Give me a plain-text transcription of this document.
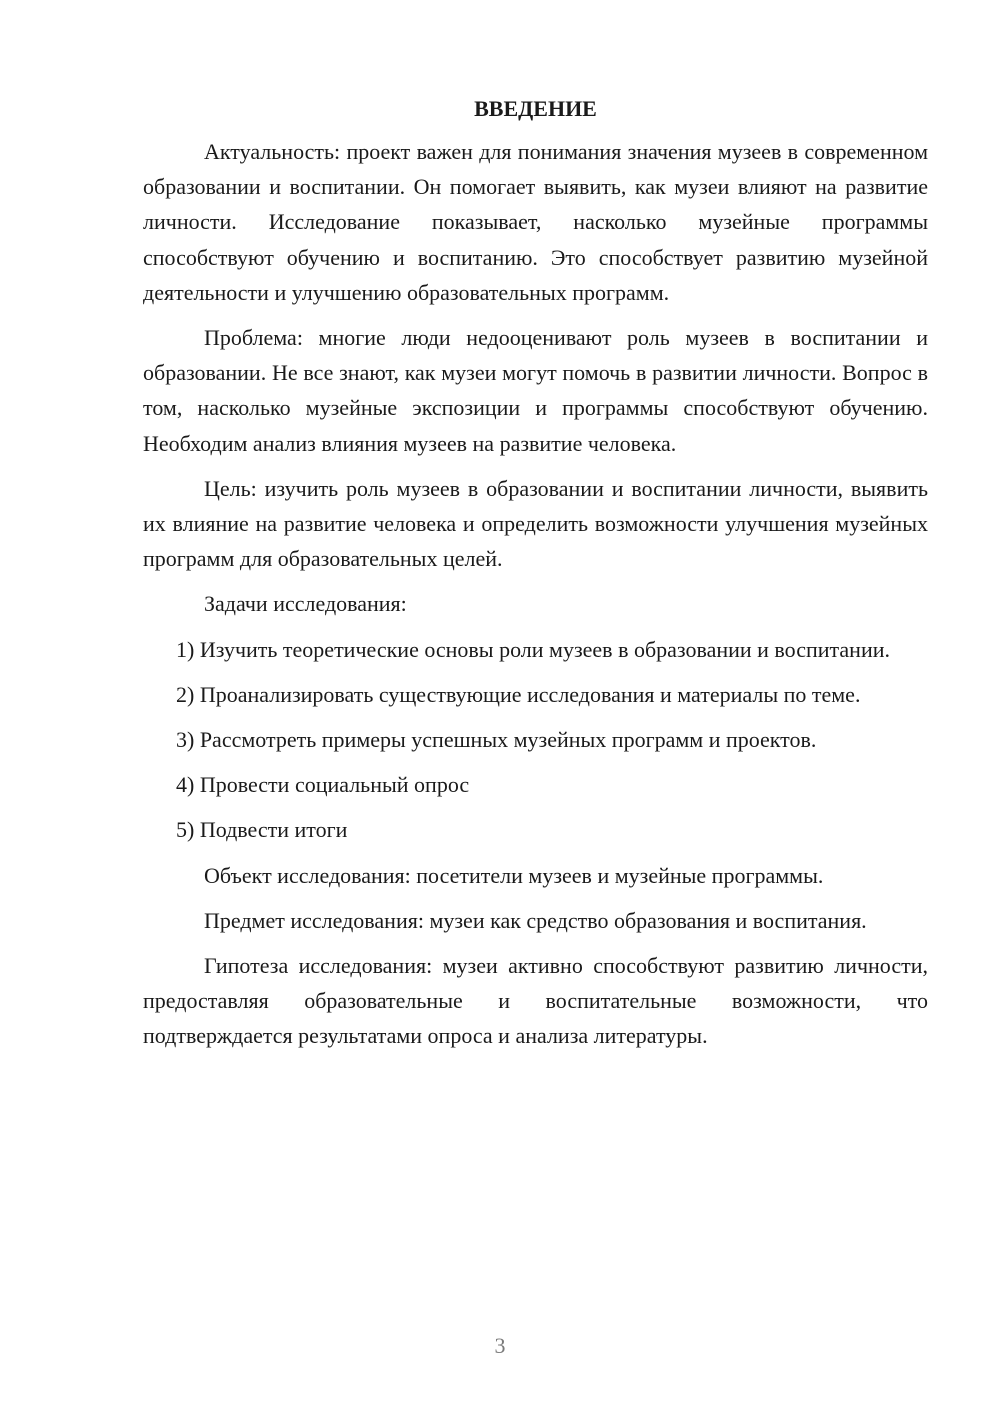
ВВЕДЕНИЕ

Актуальность: проект важен для понимания значения музеев в современном образовании и воспитании. Он помогает выявить, как музеи влияют на развитие личности. Исследование показывает, насколько музейные программы способствуют обучению и воспитанию. Это способствует развитию музейной деятельности и улучшению образовательных программ.

Проблема: многие люди недооценивают роль музеев в воспитании и образовании. Не все знают, как музеи могут помочь в развитии личности. Вопрос в том, насколько музейные экспозиции и программы способствуют обучению. Необходим анализ влияния музеев на развитие человека.

Цель: изучить роль музеев в образовании и воспитании личности, выявить их влияние на развитие человека и определить возможности улучшения музейных программ для образовательных целей.

Задачи исследования:

1) Изучить теоретические основы роли музеев в образовании и воспитании.

2) Проанализировать существующие исследования и материалы по теме.

3) Рассмотреть примеры успешных музейных программ и проектов.

4) Провести социальный опрос

5) Подвести итоги

Объект исследования: посетители музеев и музейные программы.

Предмет исследования: музеи как средство образования и воспитания.

Гипотеза исследования: музеи активно способствуют развитию личности, предоставляя образовательные и воспитательные возможности, что подтверждается результатами опроса и анализа литературы.

3
